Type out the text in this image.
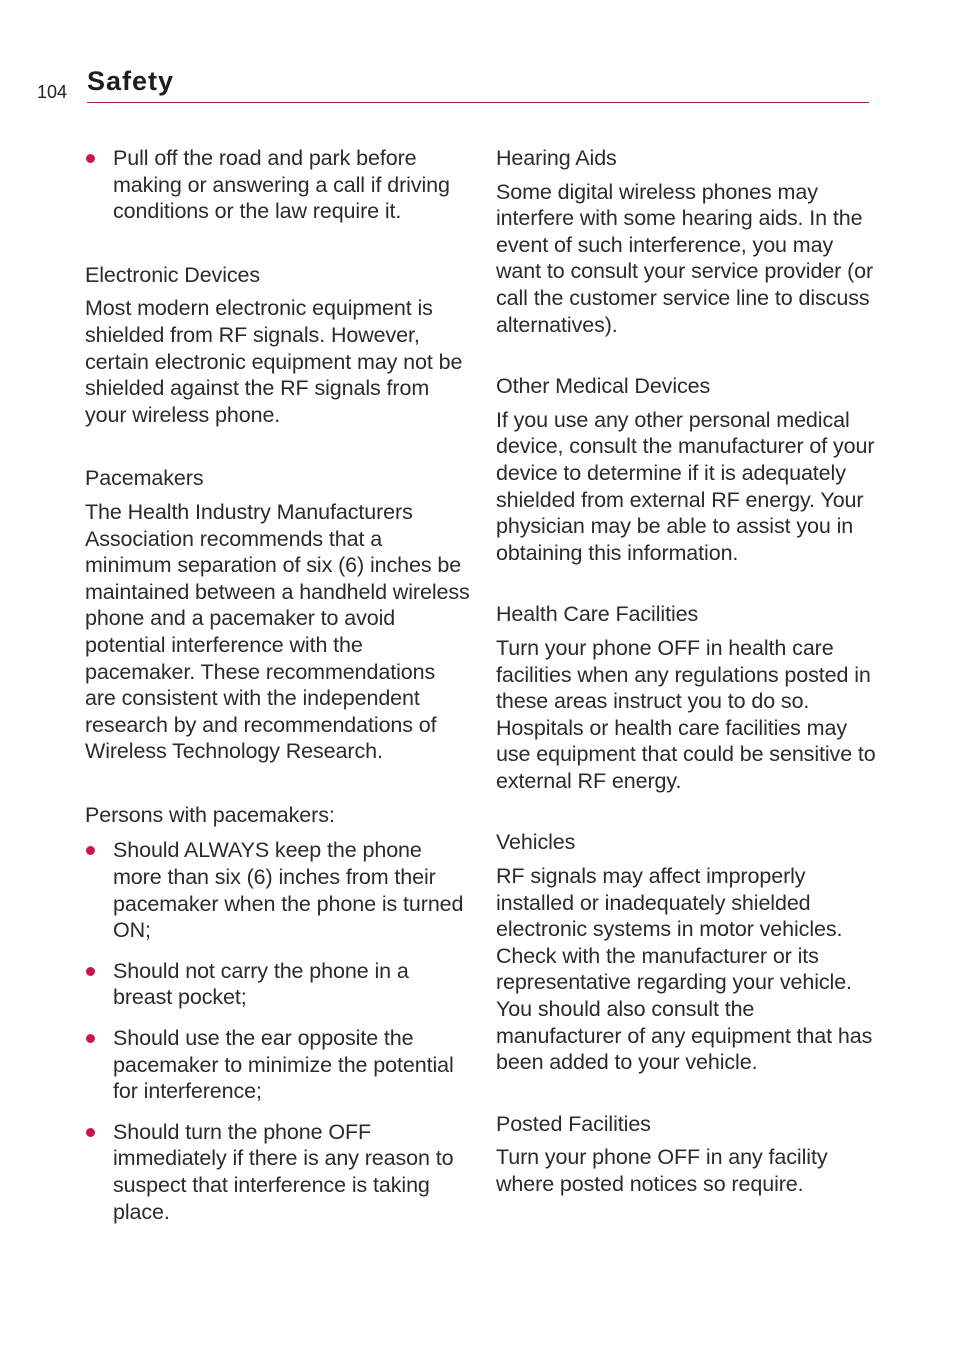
104 Safety
Pull off the road and park before making or answering a call if driving conditions or the law require it.
Electronic Devices

Most modern electronic equipment is shielded from RF signals. However, certain electronic equipment may not be shielded against the RF signals from your wireless phone.

Pacemakers

The Health Industry Manufacturers Association recommends that a minimum separation of six (6) inches be maintained between a handheld wireless phone and a pacemaker to avoid potential interference with the pacemaker. These recommendations are consistent with the independent research by and recommendations of Wireless Technology Research.

Persons with pacemakers:
Should ALWAYS keep the phone more than six (6) inches from their pacemaker when the phone is turned ON;
Should not carry the phone in a breast pocket;
Should use the ear opposite the pacemaker to minimize the potential for interference;
Should turn the phone OFF immediately if there is any reason to suspect that interference is taking place.
Hearing Aids

Some digital wireless phones may interfere with some hearing aids. In the event of such interference, you may want to consult your service provider (or call the customer service line to discuss alternatives).

Other Medical Devices

If you use any other personal medical device, consult the manufacturer of your device to determine if it is adequately shielded from external RF energy. Your physician may be able to assist you in obtaining this information.

Health Care Facilities

Turn your phone OFF in health care facilities when any regulations posted in these areas instruct you to do so. Hospitals or health care facilities may use equipment that could be sensitive to external RF energy.

Vehicles

RF signals may affect improperly installed or inadequately shielded electronic systems in motor vehicles. Check with the manufacturer or its representative regarding your vehicle. You should also consult the manufacturer of any equipment that has been added to your vehicle.

Posted Facilities

Turn your phone OFF in any facility where posted notices so require.
